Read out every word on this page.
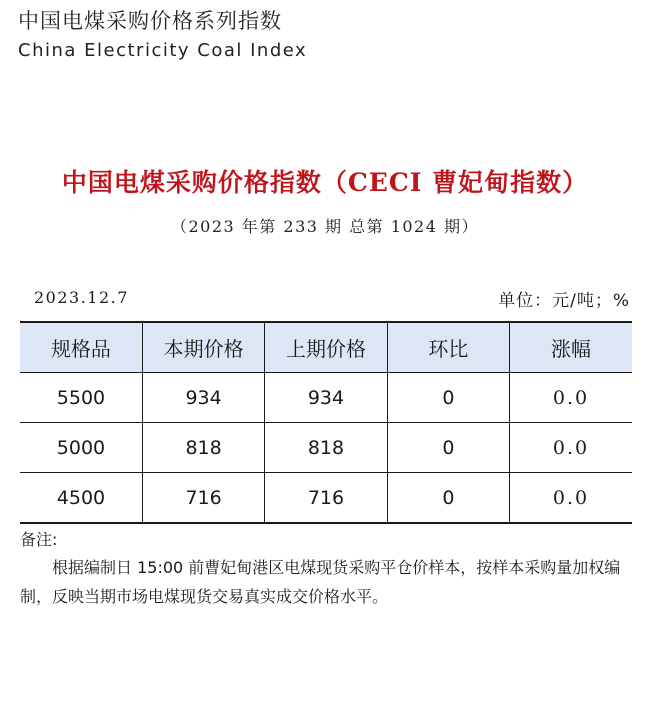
中国电煤采购价格系列指数
China Electricity Coal Index
中国电煤采购价格指数（CECI 曹妃甸指数）
（2023 年第 233 期 总第 1024 期）
2023.12.7	单位：元/吨；%
规格品	本期价格	上期价格	环比	涨幅
5500	934	934	0	0.0
5000	818	818	0	0.0
4500	716	716	0	0.0
备注:
根据编制日 15:00 前曹妃甸港区电煤现货采购平仓价样本，按样本采购量加权编制，反映当期市场电煤现货交易真实成交价格水平。
